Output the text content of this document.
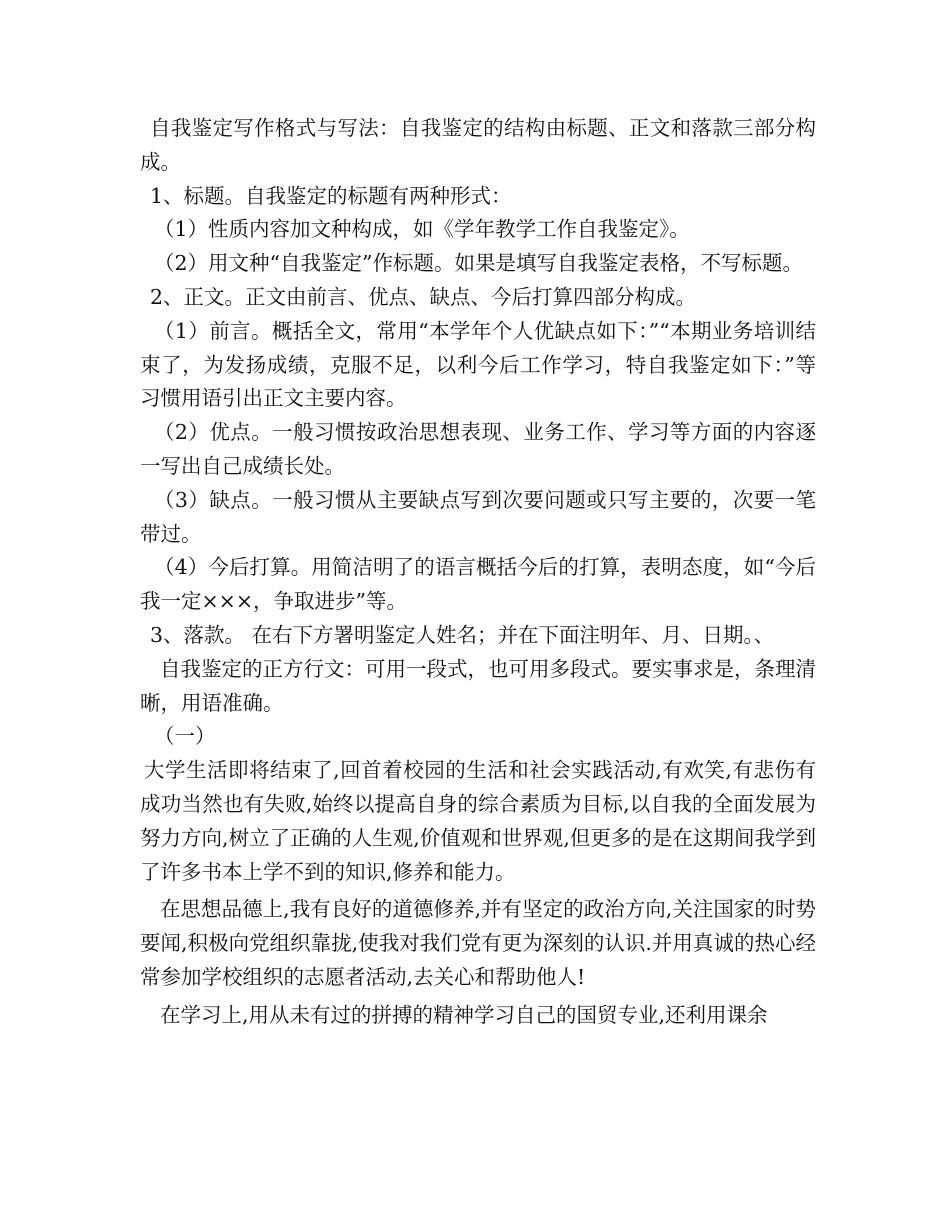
自我鉴定写作格式与写法：自我鉴定的结构由标题、正文和落款三部分构成。

1、标题。自我鉴定的标题有两种形式：

（1）性质内容加文种构成，如《学年教学工作自我鉴定》。

（2）用文种“自我鉴定”作标题。如果是填写自我鉴定表格，不写标题。

2、正文。正文由前言、优点、缺点、今后打算四部分构成。

（1）前言。概括全文，常用“本学年个人优缺点如下：”“本期业务培训结束了，为发扬成绩，克服不足，以利今后工作学习，特自我鉴定如下：”等习惯用语引出正文主要内容。

（2）优点。一般习惯按政治思想表现、业务工作、学习等方面的内容逐一写出自己成绩长处。

（3）缺点。一般习惯从主要缺点写到次要问题或只写主要的，次要一笔带过。

（4）今后打算。用简洁明了的语言概括今后的打算，表明态度，如“今后我一定×××，争取进步”等。

3、落款。 在右下方署明鉴定人姓名；并在下面注明年、月、日期。、

自我鉴定的正方行文：可用一段式，也可用多段式。要实事求是，条理清晰，用语准确。

（一）

大学生活即将结束了,回首着校园的生活和社会实践活动,有欢笑,有悲伤有成功当然也有失败,始终以提高自身的综合素质为目标,以自我的全面发展为努力方向,树立了正确的人生观,价值观和世界观,但更多的是在这期间我学到了许多书本上学不到的知识,修养和能力。

在思想品德上,我有良好的道德修养,并有坚定的政治方向,关注国家的时势要闻,积极向党组织靠拢,使我对我们党有更为深刻的认识.并用真诚的热心经常参加学校组织的志愿者活动,去关心和帮助他人!

在学习上,用从未有过的拼搏的精神学习自己的国贸专业,还利用课余
